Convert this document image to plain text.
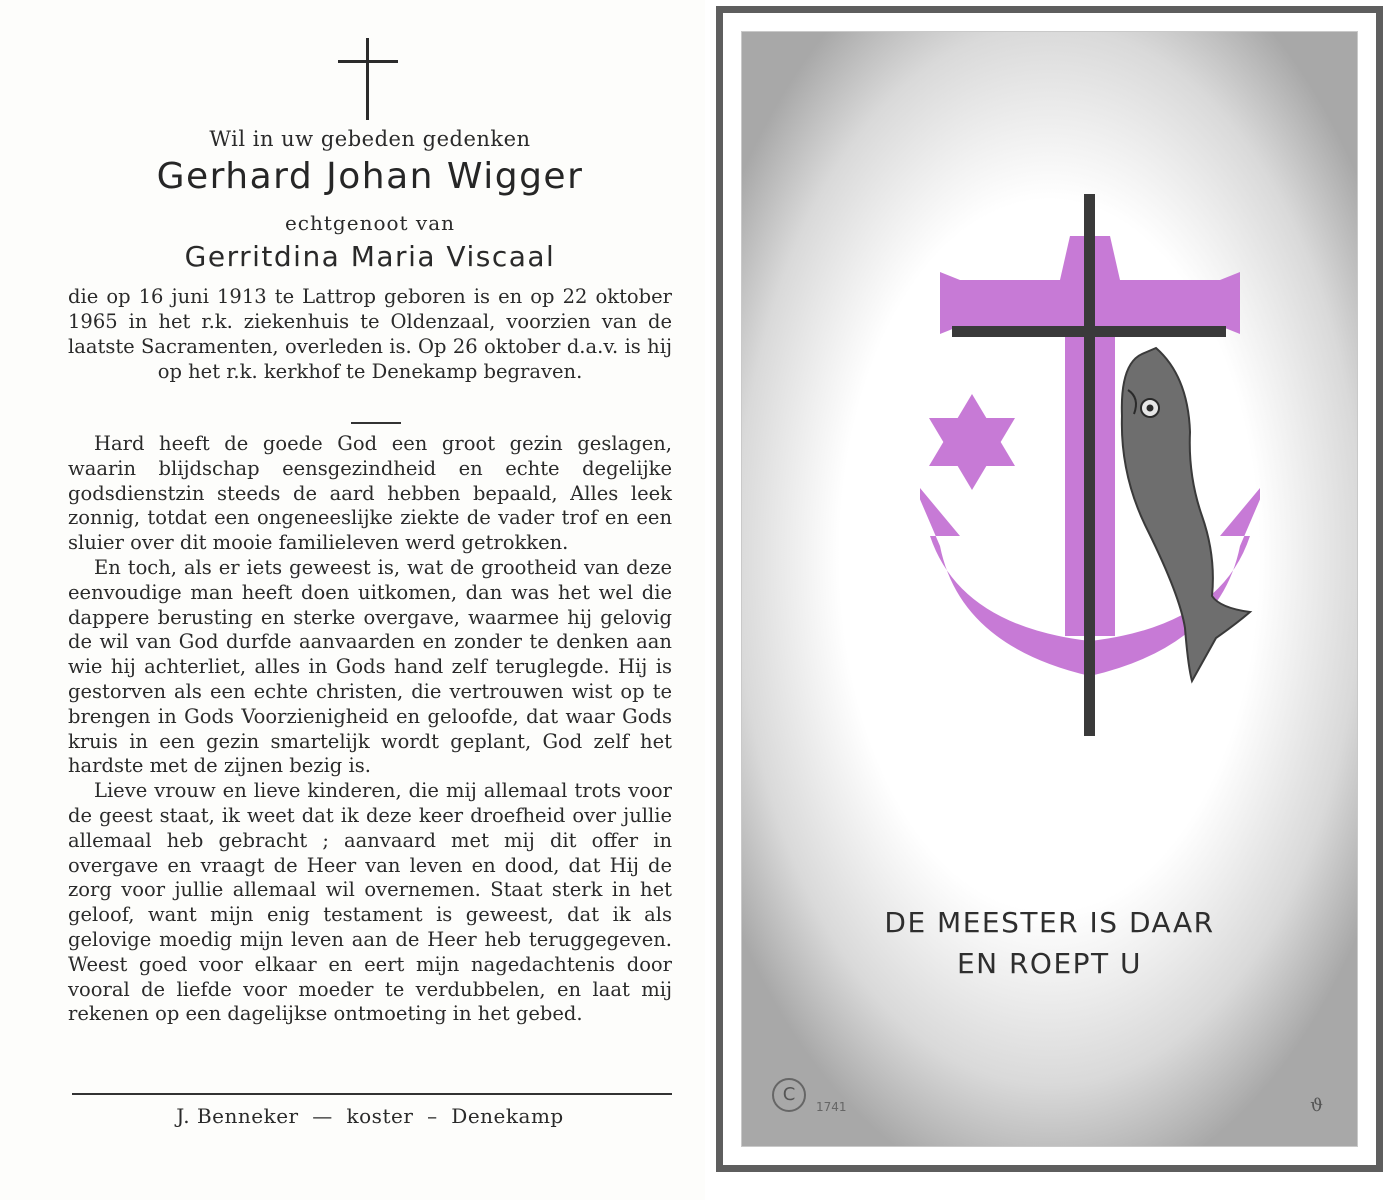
Wil in uw gebeden gedenken
Gerhard Johan Wigger
echtgenoot van
Gerritdina Maria Viscaal
die op 16 juni 1913 te Lattrop geboren is en op 22 oktober 1965 in het r.k. ziekenhuis te Oldenzaal, voorzien van de laatste Sacramenten, overleden is. Op 26 oktober d.a.v. is hij op het r.k. kerkhof te Denekamp begraven.

Hard heeft de goede God een groot gezin geslagen, waarin blijdschap eensgezindheid en echte degelijke godsdienstzin steeds de aard hebben bepaald, Alles leek zonnig, totdat een ongeneeslijke ziekte de vader trof en een sluier over dit mooie familieleven werd getrokken.

En toch, als er iets geweest is, wat de grootheid van deze eenvoudige man heeft doen uitkomen, dan was het wel die dappere berusting en sterke overgave, waarmee hij gelovig de wil van God durfde aanvaarden en zonder te denken aan wie hij achterliet, alles in Gods hand zelf teruglegde. Hij is gestorven als een echte christen, die vertrouwen wist op te brengen in Gods Voorzienigheid en geloofde, dat waar Gods kruis in een gezin smartelijk wordt geplant, God zelf het hardste met de zijnen bezig is.

Lieve vrouw en lieve kinderen, die mij allemaal trots voor de geest staat, ik weet dat ik deze keer droefheid over jullie allemaal heb gebracht ; aanvaard met mij dit offer in overgave en vraagt de Heer van leven en dood, dat Hij de zorg voor jullie allemaal wil overnemen. Staat sterk in het geloof, want mijn enig testament is geweest, dat ik als gelovige moedig mijn leven aan de Heer heb teruggegeven. Weest goed voor elkaar en eert mijn nagedachtenis door vooral de liefde voor moeder te verdubbelen, en laat mij rekenen op een dagelijkse ontmoeting in het gebed.

J. Benneker  —  koster  –  Denekamp
DE MEESTER IS DAAR
EN ROEPT U
C
1741	ϑ
